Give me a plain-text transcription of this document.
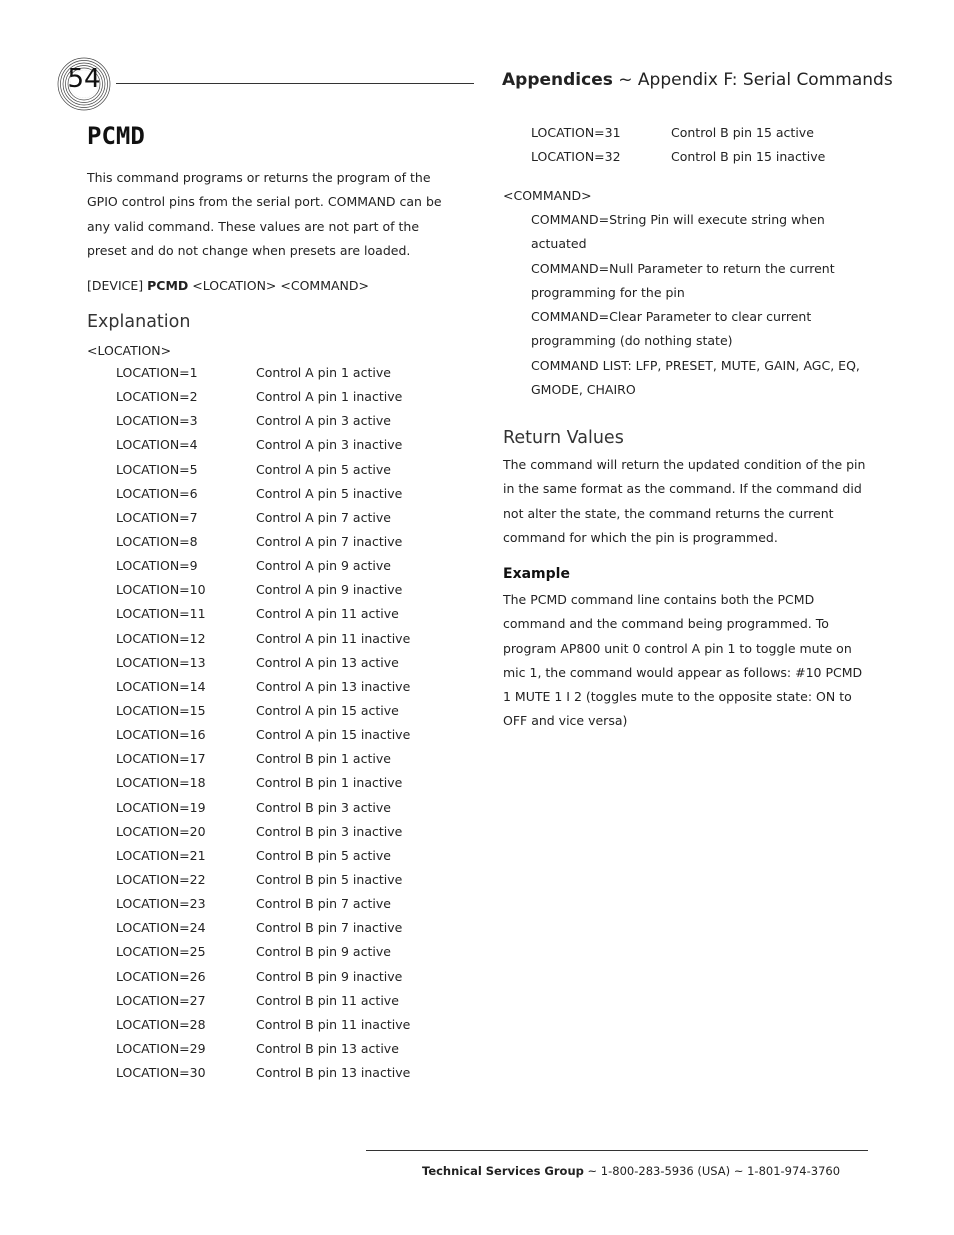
54	Appendices ~ Appendix F: Serial Commands
PCMD
This command programs or returns the program of the GPIO control pins from the serial port. COMMAND can be any valid command. These values are not part of the preset and do not change when presets are loaded.
[DEVICE] PCMD <LOCATION> <COMMAND>
Explanation
<LOCATION>
LOCATION=1	Control A pin 1 active
LOCATION=2	Control A pin 1 inactive
LOCATION=3	Control A pin 3 active
LOCATION=4	Control A pin 3 inactive
LOCATION=5	Control A pin 5 active
LOCATION=6	Control A pin 5 inactive
LOCATION=7	Control A pin 7 active
LOCATION=8	Control A pin 7 inactive
LOCATION=9	Control A pin 9 active
LOCATION=10	Control A pin 9 inactive
LOCATION=11	Control A pin 11 active
LOCATION=12	Control A pin 11 inactive
LOCATION=13	Control A pin 13 active
LOCATION=14	Control A pin 13 inactive
LOCATION=15	Control A pin 15 active
LOCATION=16	Control A pin 15 inactive
LOCATION=17	Control B pin 1 active
LOCATION=18	Control B pin 1 inactive
LOCATION=19	Control B pin 3 active
LOCATION=20	Control B pin 3 inactive
LOCATION=21	Control B pin 5 active
LOCATION=22	Control B pin 5 inactive
LOCATION=23	Control B pin 7 active
LOCATION=24	Control B pin 7 inactive
LOCATION=25	Control B pin 9 active
LOCATION=26	Control B pin 9 inactive
LOCATION=27	Control B pin 11 active
LOCATION=28	Control B pin 11 inactive
LOCATION=29	Control B pin 13 active
LOCATION=30	Control B pin 13 inactive
LOCATION=31	Control B pin 15 active
LOCATION=32	Control B pin 15 inactive
<COMMAND>
COMMAND=String Pin will execute string when actuated
COMMAND=Null Parameter to return the current programming for the pin
COMMAND=Clear Parameter to clear current programming (do nothing state)
COMMAND LIST: LFP, PRESET, MUTE, GAIN, AGC, EQ, GMODE, CHAIRO
Return Values
The command will return the updated condition of the pin in the same format as the command. If the command did not alter the state, the command returns the current command for which the pin is programmed.
Example
The PCMD command line contains both the PCMD command and the command being programmed. To program AP800 unit 0 control A pin 1 to toggle mute on mic 1, the command would appear as follows: #10 PCMD 1 MUTE 1 I 2 (toggles mute to the opposite state: ON to OFF and vice versa)
Technical Services Group ~ 1-800-283-5936 (USA) ~ 1-801-974-3760
